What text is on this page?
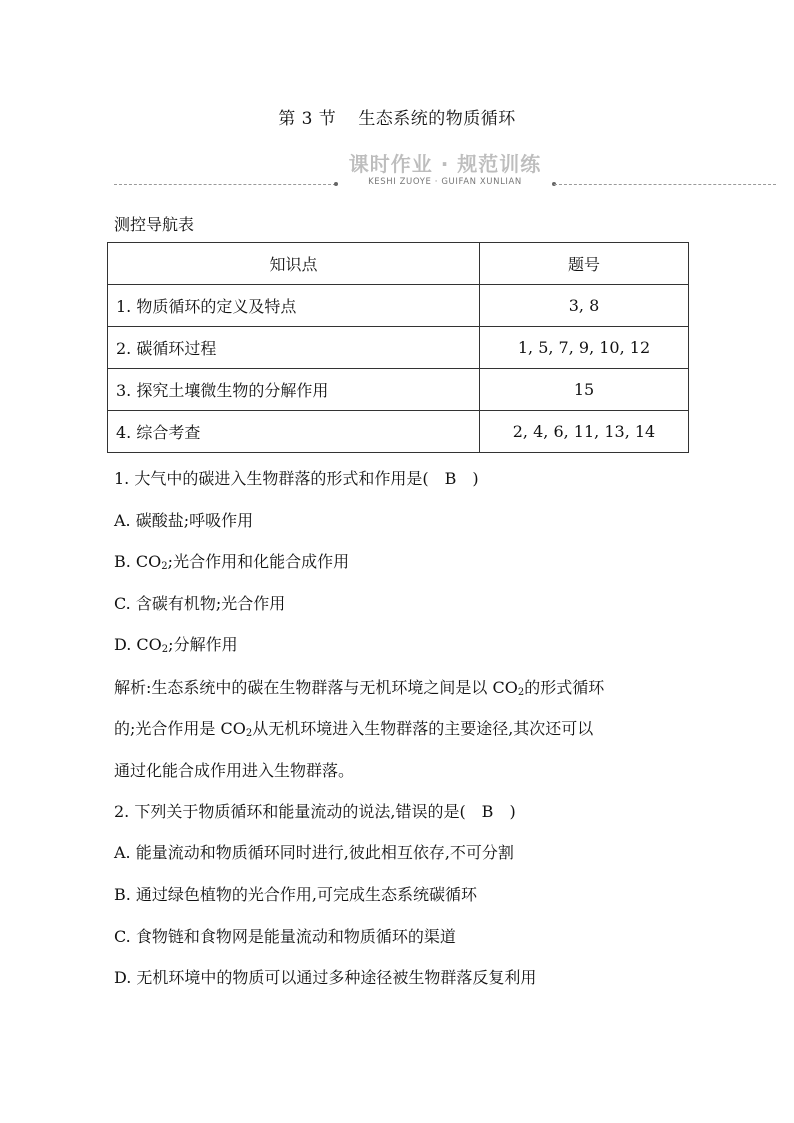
第 3 节 生态系统的物质循环
课时作业 · 规范训练
KESHI ZUOYE · GUIFAN XUNLIAN
测控导航表
知识点	题号
1. 物质循环的定义及特点	3, 8
2. 碳循环过程	1, 5, 7, 9, 10, 12
3. 探究土壤微生物的分解作用	15
4. 综合考查	2, 4, 6, 11, 13, 14
1. 大气中的碳进入生物群落的形式和作用是(　B　)
A. 碳酸盐;呼吸作用
B. $CO_2$;光合作用和化能合成作用
C. 含碳有机物;光合作用
D. $CO_2$;分解作用
解析:生态系统中的碳在生物群落与无机环境之间是以 $CO_2$的形式循环
的;光合作用是 $CO_2$从无机环境进入生物群落的主要途径,其次还可以
通过化能合成作用进入生物群落。
2. 下列关于物质循环和能量流动的说法,错误的是(　B　)
A. 能量流动和物质循环同时进行,彼此相互依存,不可分割
B. 通过绿色植物的光合作用,可完成生态系统碳循环
C. 食物链和食物网是能量流动和物质循环的渠道
D. 无机环境中的物质可以通过多种途径被生物群落反复利用
